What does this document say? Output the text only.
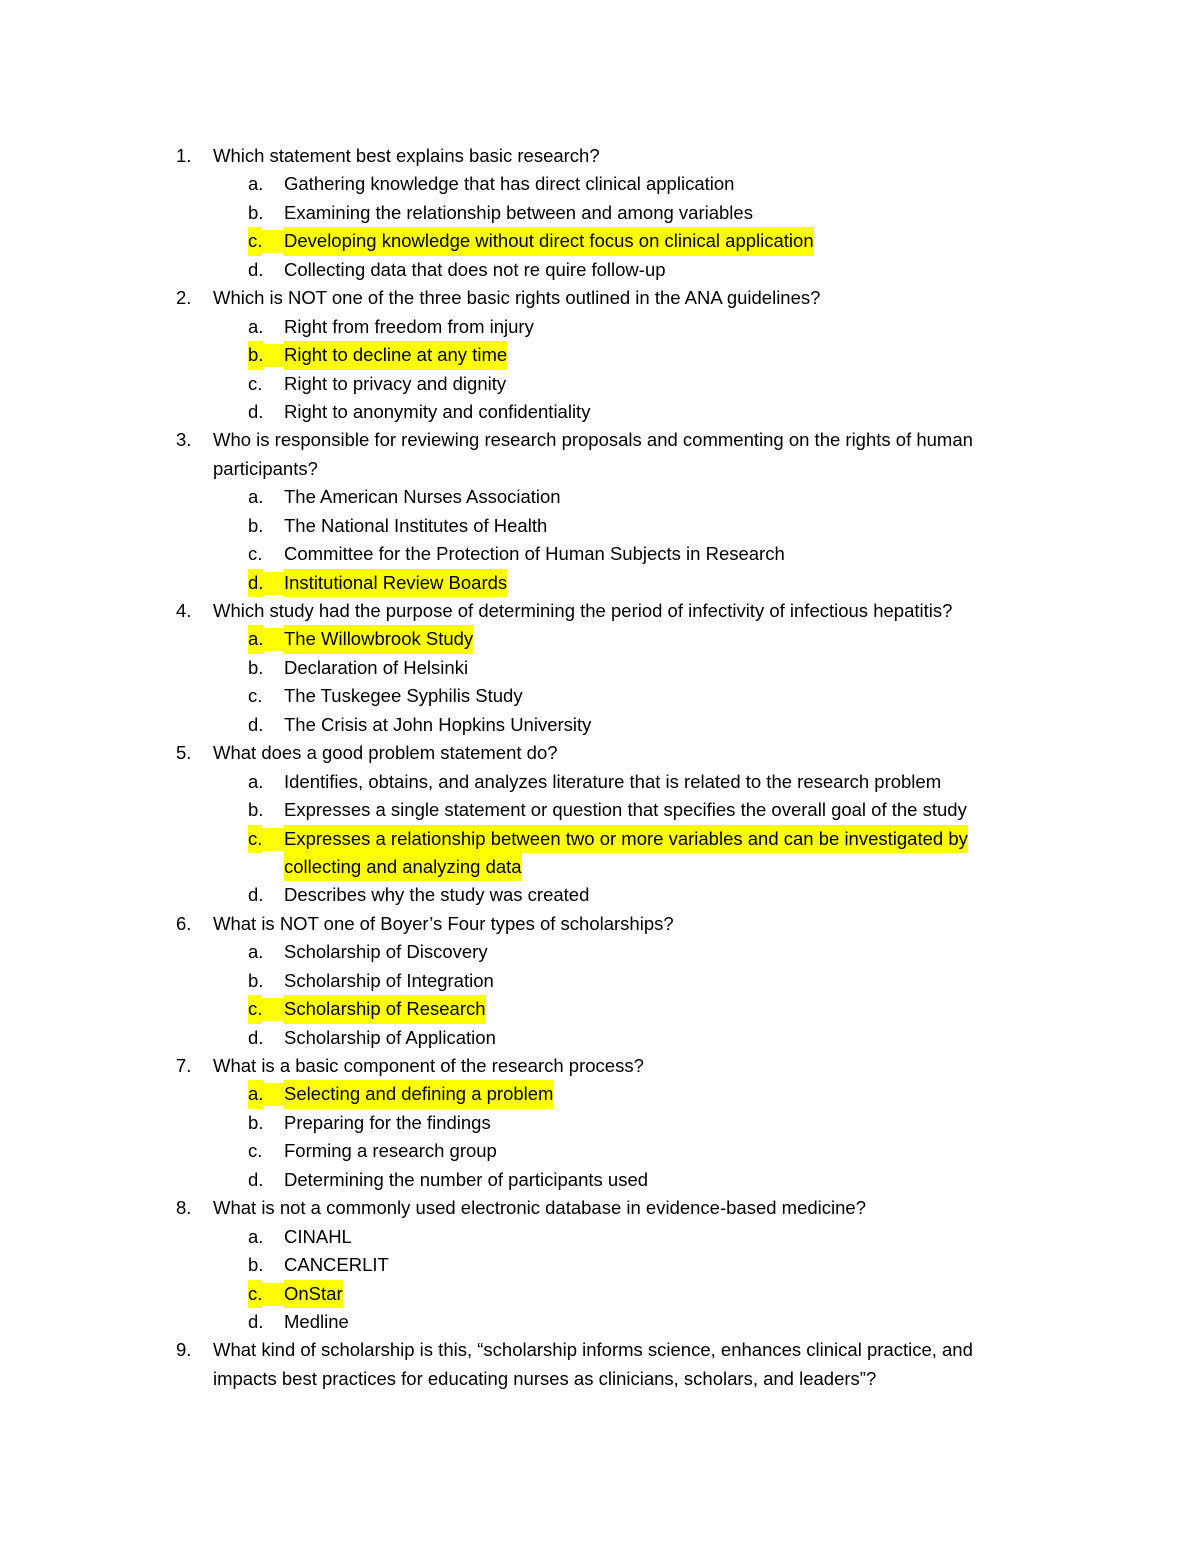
1. Which statement best explains basic research?
a. Gathering knowledge that has direct clinical application
b. Examining the relationship between and among variables
c. Developing knowledge without direct focus on clinical application
d. Collecting data that does not re quire follow-up
2. Which is NOT one of the three basic rights outlined in the ANA guidelines?
a. Right from freedom from injury
b. Right to decline at any time
c. Right to privacy and dignity
d. Right to anonymity and confidentiality
3. Who is responsible for reviewing research proposals and commenting on the rights of human
participants?
a. The American Nurses Association
b. The National Institutes of Health
c. Committee for the Protection of Human Subjects in Research
d. Institutional Review Boards
4. Which study had the purpose of determining the period of infectivity of infectious hepatitis?
a. The Willowbrook Study
b. Declaration of Helsinki
c. The Tuskegee Syphilis Study
d. The Crisis at John Hopkins University
5. What does a good problem statement do?
a. Identifies, obtains, and analyzes literature that is related to the research problem
b. Expresses a single statement or question that specifies the overall goal of the study
c. Expresses a relationship between two or more variables and can be investigated by
collecting and analyzing data
d. Describes why the study was created
6. What is NOT one of Boyer’s Four types of scholarships?
a. Scholarship of Discovery
b. Scholarship of Integration
c. Scholarship of Research
d. Scholarship of Application
7. What is a basic component of the research process?
a. Selecting and defining a problem
b. Preparing for the findings
c. Forming a research group
d. Determining the number of participants used
8. What is not a commonly used electronic database in evidence-based medicine?
a. CINAHL
b. CANCERLIT
c. OnStar
d. Medline
9. What kind of scholarship is this, “scholarship informs science, enhances clinical practice, and
impacts best practices for educating nurses as clinicians, scholars, and leaders”?
